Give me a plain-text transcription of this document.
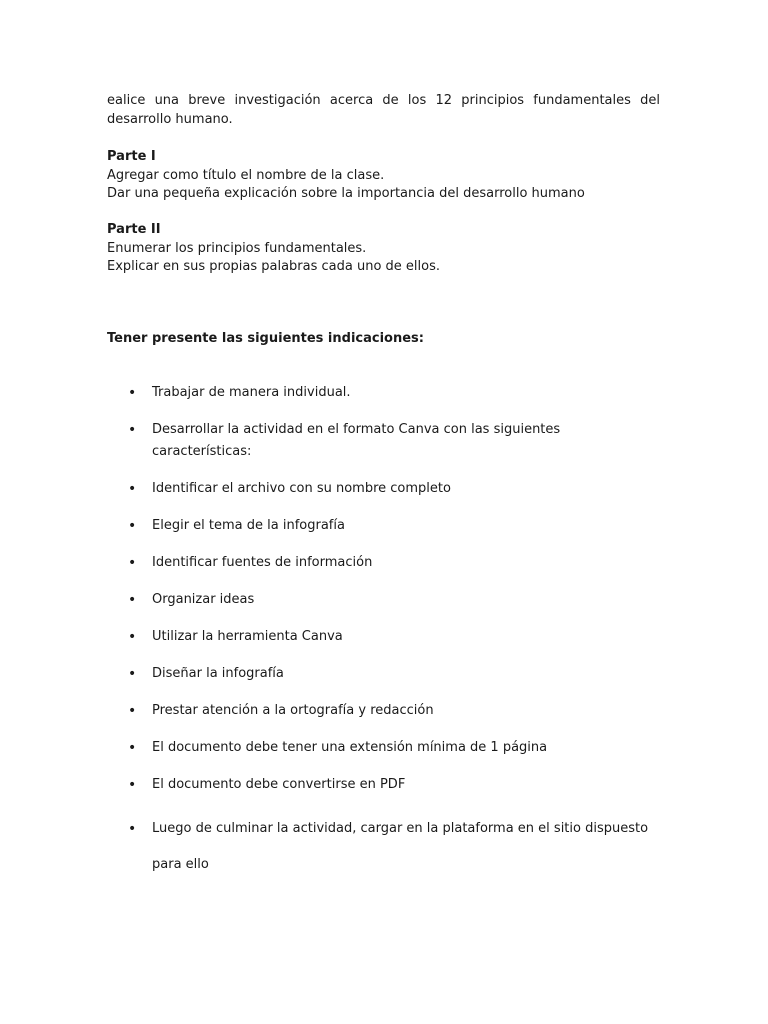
ealice una breve investigación acerca de los 12 principios fundamentales del desarrollo humano.
Parte I
Agregar como título el nombre de la clase.
Dar una pequeña explicación sobre la importancia del desarrollo humano
Parte II
Enumerar los principios fundamentales.
Explicar en sus propias palabras cada uno de ellos.
Tener presente las siguientes indicaciones:
• Trabajar de manera individual.
• Desarrollar la actividad en el formato Canva con las siguientes características:
• Identificar el archivo con su nombre completo
• Elegir el tema de la infografía
• Identificar fuentes de información
• Organizar ideas
• Utilizar la herramienta Canva
• Diseñar la infografía
• Prestar atención a la ortografía y redacción
• El documento debe tener una extensión mínima de 1 página
• El documento debe convertirse en PDF
• Luego de culminar la actividad, cargar en la plataforma en el sitio dispuesto para ello
